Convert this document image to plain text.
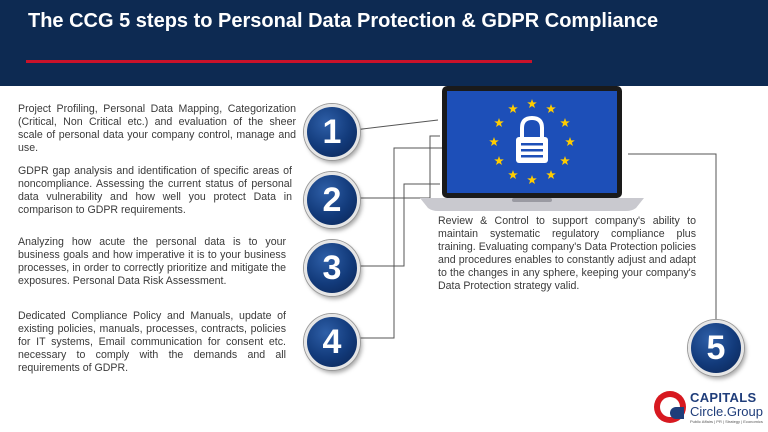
The CCG 5 steps to Personal Data Protection & GDPR Compliance
Project Profiling, Personal Data Mapping, Categorization (Critical, Non Critical etc.) and evaluation of the sheer scale of personal data your company control, manage and use.
GDPR gap analysis and identification of specific areas of noncompliance. Assessing the current status of personal data vulnerability and how well you protect Data in comparison to GDPR requirements.
Analyzing how acute the personal data is to your business goals and how imperative it is to your business processes, in order to correctly prioritize and mitigate the exposures. Personal Data Risk Assessment.
Dedicated Compliance Policy and Manuals, update of existing policies, manuals, processes, contracts, policies for IT systems, Email communication for consent etc. necessary to comply with the demands and all requirements of GDPR.
Review & Control to support company's ability to maintain systematic regulatory compliance plus training. Evaluating company's Data Protection policies and procedures enables to constantly adjust and adapt to the changes in any sphere, keeping your company's Data Protection strategy valid.
1
2
3
4	5
CAPITALS
Circle.Group
Public Affairs | PR | Strategy | Economics
